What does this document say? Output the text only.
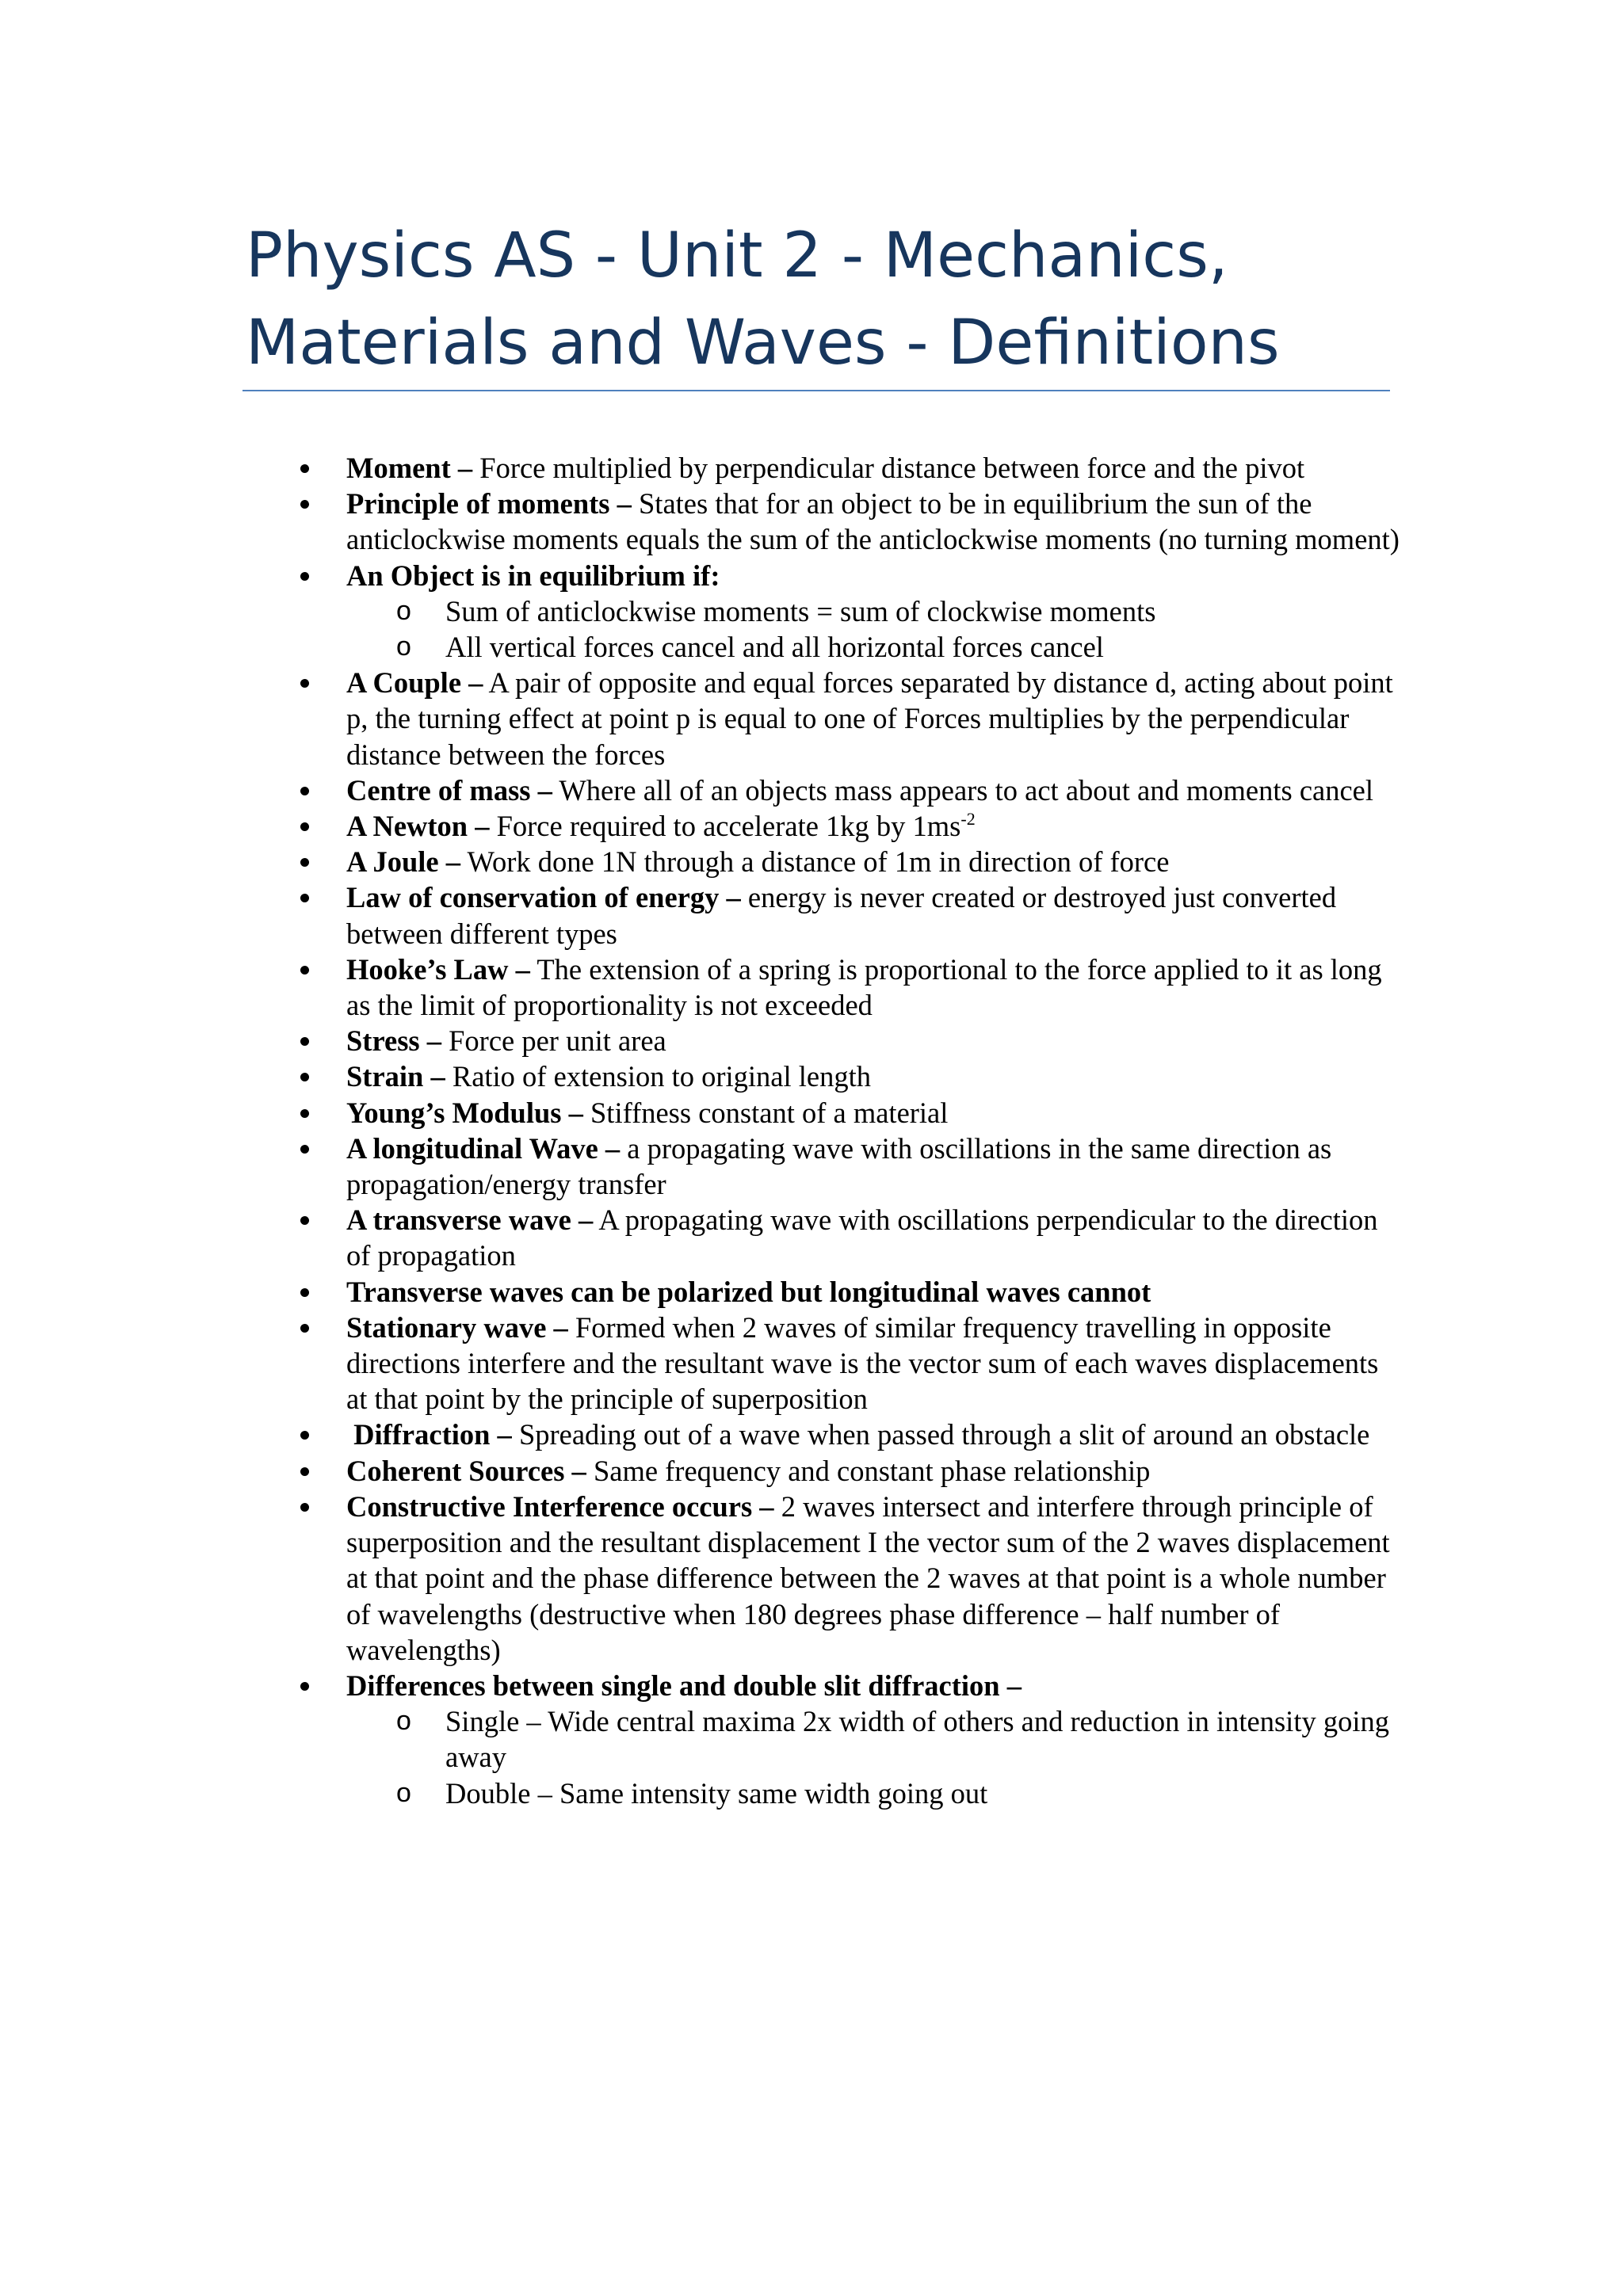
Physics AS - Unit 2 - Mechanics, Materials and Waves - Definitions
Moment – Force multiplied by perpendicular distance between force and the pivot
Principle of moments – States that for an object to be in equilibrium the sun of the anticlockwise moments equals the sum of the anticlockwise moments (no turning moment)
An Object is in equilibrium if:
o Sum of anticlockwise moments = sum of clockwise moments
o All vertical forces cancel and all horizontal forces cancel
A Couple – A pair of opposite and equal forces separated by distance d, acting about point p, the turning effect at point p is equal to one of Forces multiplies by the perpendicular distance between the forces
Centre of mass – Where all of an objects mass appears to act about and moments cancel
A Newton – Force required to accelerate 1kg by $1ms^{-2}$
A Joule – Work done 1N through a distance of 1m in direction of force
Law of conservation of energy – energy is never created or destroyed just converted between different types
Hooke’s Law – The extension of a spring is proportional to the force applied to it as long as the limit of proportionality is not exceeded
Stress – Force per unit area
Strain – Ratio of extension to original length
Young’s Modulus – Stiffness constant of a material
A longitudinal Wave – a propagating wave with oscillations in the same direction as propagation/energy transfer
A transverse wave – A propagating wave with oscillations perpendicular to the direction of propagation
Transverse waves can be polarized but longitudinal waves cannot
Stationary wave – Formed when 2 waves of similar frequency travelling in opposite directions interfere and the resultant wave is the vector sum of each waves displacements at that point by the principle of superposition
Diffraction – Spreading out of a wave when passed through a slit of around an obstacle
Coherent Sources – Same frequency and constant phase relationship
Constructive Interference occurs – 2 waves intersect and interfere through principle of superposition and the resultant displacement I the vector sum of the 2 waves displacement at that point and the phase difference between the 2 waves at that point is a whole number of wavelengths (destructive when 180 degrees phase difference – half number of wavelengths)
Differences between single and double slit diffraction –
o Single – Wide central maxima 2x width of others and reduction in intensity going away
o Double – Same intensity same width going out
